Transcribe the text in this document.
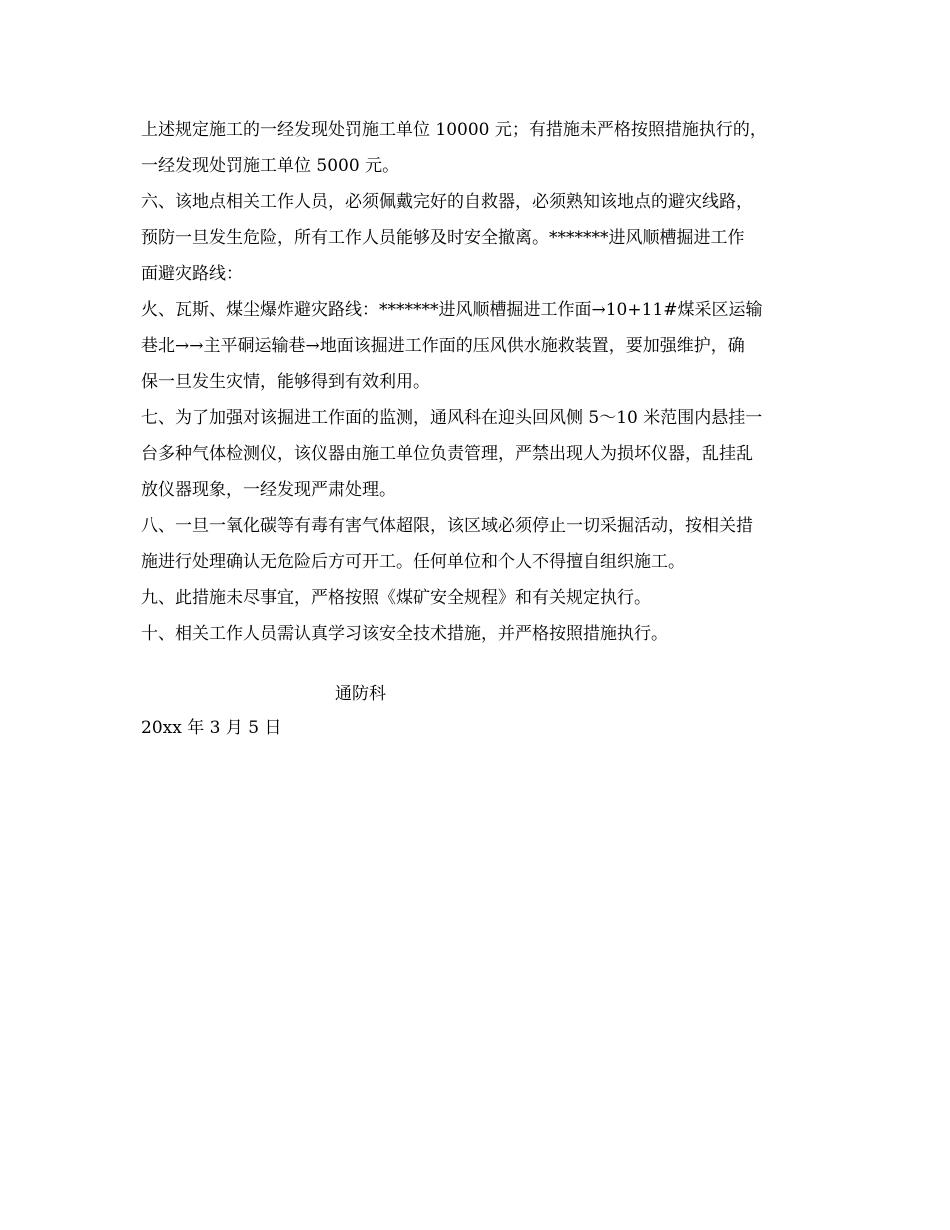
上述规定施工的一经发现处罚施工单位 10000 元；有措施未严格按照措施执行的，
一经发现处罚施工单位 5000 元。
六、该地点相关工作人员，必须佩戴完好的自救器，必须熟知该地点的避灾线路，
预防一旦发生危险，所有工作人员能够及时安全撤离。*******进风顺槽掘进工作
面避灾路线：
火、瓦斯、煤尘爆炸避灾路线：*******进风顺槽掘进工作面→10+11#煤采区运输
巷北→→主平硐运输巷→地面该掘进工作面的压风供水施救装置，要加强维护，确
保一旦发生灾情，能够得到有效利用。
七、为了加强对该掘进工作面的监测，通风科在迎头回风侧 5～10 米范围内悬挂一
台多种气体检测仪，该仪器由施工单位负责管理，严禁出现人为损坏仪器，乱挂乱
放仪器现象，一经发现严肃处理。
八、一旦一氧化碳等有毒有害气体超限，该区域必须停止一切采掘活动，按相关措
施进行处理确认无危险后方可开工。任何单位和个人不得擅自组织施工。
九、此措施未尽事宜，严格按照《煤矿安全规程》和有关规定执行。
十、相关工作人员需认真学习该安全技术措施，并严格按照措施执行。
通防科
20xx 年 3 月 5 日
